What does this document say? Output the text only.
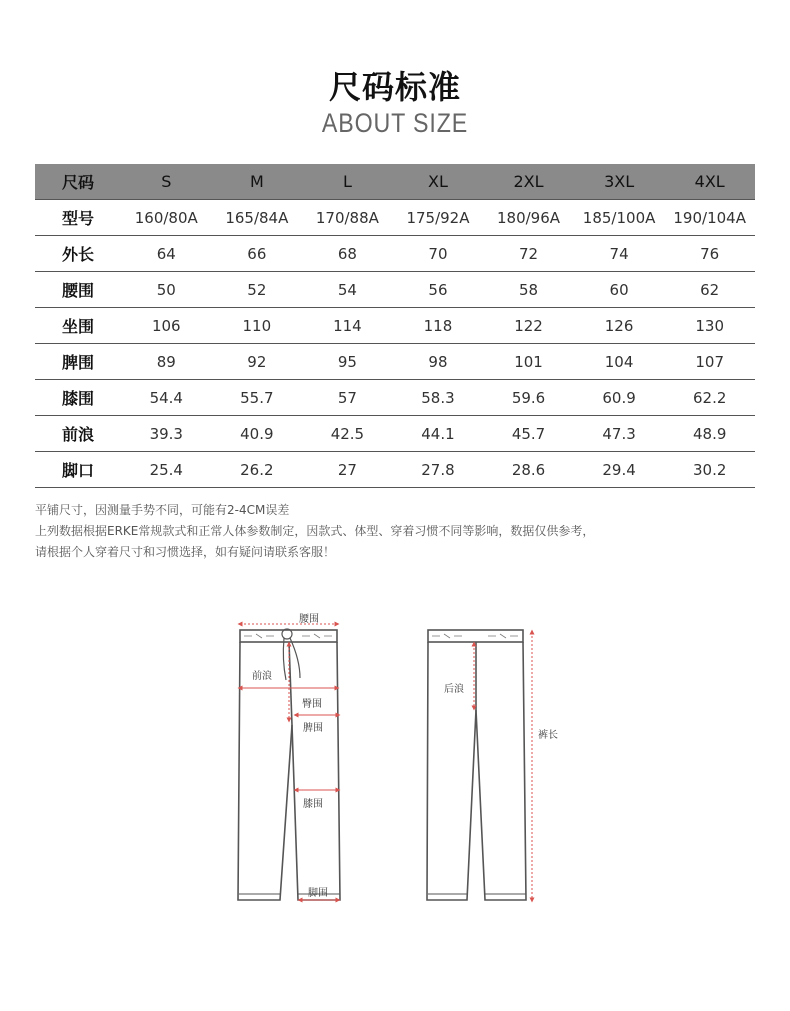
尺码标准
ABOUT SIZE
尺码	S	M	L	XL	2XL	3XL	4XL
型号	160/80A	165/84A	170/88A	175/92A	180/96A	185/100A	190/104A
外长	64	66	68	70	72	74	76
腰围	50	52	54	56	58	60	62
坐围	106	110	114	118	122	126	130
脾围	89	92	95	98	101	104	107
膝围	54.4	55.7	57	58.3	59.6	60.9	62.2
前浪	39.3	40.9	42.5	44.1	45.7	47.3	48.9
脚口	25.4	26.2	27	27.8	28.6	29.4	30.2
平铺尺寸，因测量手势不同，可能有2-4CM误差
上列数据根据ERKE常规款式和正常人体参数制定，因款式、体型、穿着习惯不同等影响，数据仅供参考，
请根据个人穿着尺寸和习惯选择，如有疑问请联系客服！
腰围
前浪
臀围
脾围
膝围
脚围
后浪
裤长
